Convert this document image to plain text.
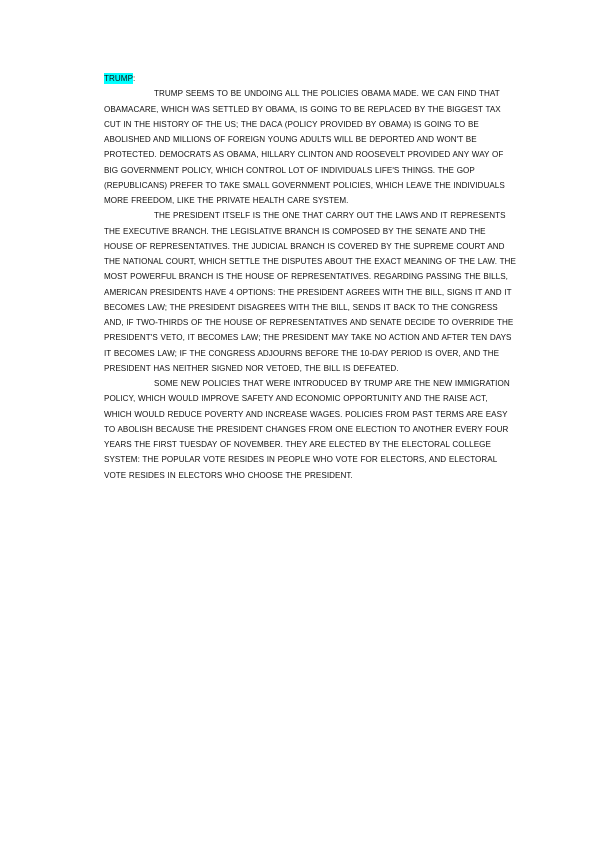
TRUMP:

TRUMP SEEMS TO BE UNDOING ALL THE POLICIES OBAMA MADE. WE CAN FIND THAT OBAMACARE, WHICH WAS SETTLED BY OBAMA, IS GOING TO BE REPLACED BY THE BIGGEST TAX CUT IN THE HISTORY OF THE US; THE DACA (POLICY PROVIDED BY OBAMA) IS GOING TO BE ABOLISHED AND MILLIONS OF FOREIGN YOUNG ADULTS WILL BE DEPORTED AND WON'T BE PROTECTED. DEMOCRATS AS OBAMA, HILLARY CLINTON AND ROOSEVELT PROVIDED ANY WAY OF BIG GOVERNMENT POLICY, WHICH CONTROL LOT OF INDIVIDUALS LIFE'S THINGS. THE GOP (REPUBLICANS) PREFER TO TAKE SMALL GOVERNMENT POLICIES, WHICH LEAVE THE INDIVIDUALS MORE FREEDOM, LIKE THE PRIVATE HEALTH CARE SYSTEM.

THE PRESIDENT ITSELF IS THE ONE THAT CARRY OUT THE LAWS AND IT REPRESENTS THE EXECUTIVE BRANCH. THE LEGISLATIVE BRANCH IS COMPOSED BY THE SENATE AND THE HOUSE OF REPRESENTATIVES. THE JUDICIAL BRANCH IS COVERED BY THE SUPREME COURT AND THE NATIONAL COURT, WHICH SETTLE THE DISPUTES ABOUT THE EXACT MEANING OF THE LAW. THE MOST POWERFUL BRANCH IS THE HOUSE OF REPRESENTATIVES. REGARDING PASSING THE BILLS, AMERICAN PRESIDENTS HAVE 4 OPTIONS: THE PRESIDENT AGREES WITH THE BILL, SIGNS IT AND IT BECOMES LAW; THE PRESIDENT DISAGREES WITH THE BILL, SENDS IT BACK TO THE CONGRESS AND, IF TWO-THIRDS OF THE HOUSE OF REPRESENTATIVES AND SENATE DECIDE TO OVERRIDE THE PRESIDENT'S VETO, IT BECOMES LAW; THE PRESIDENT MAY TAKE NO ACTION AND AFTER TEN DAYS IT BECOMES LAW; IF THE CONGRESS ADJOURNS BEFORE THE 10-DAY PERIOD IS OVER, AND THE PRESIDENT HAS NEITHER SIGNED NOR VETOED, THE BILL IS DEFEATED.

SOME NEW POLICIES THAT WERE INTRODUCED BY TRUMP ARE THE NEW IMMIGRATION POLICY, WHICH WOULD IMPROVE SAFETY AND ECONOMIC OPPORTUNITY AND THE RAISE ACT, WHICH WOULD REDUCE POVERTY AND INCREASE WAGES. POLICIES FROM PAST TERMS ARE EASY TO ABOLISH BECAUSE THE PRESIDENT CHANGES FROM ONE ELECTION TO ANOTHER EVERY FOUR YEARS THE FIRST TUESDAY OF NOVEMBER. THEY ARE ELECTED BY THE ELECTORAL COLLEGE SYSTEM: THE POPULAR VOTE RESIDES IN PEOPLE WHO VOTE FOR ELECTORS, AND ELECTORAL VOTE RESIDES IN ELECTORS WHO CHOOSE THE PRESIDENT.
